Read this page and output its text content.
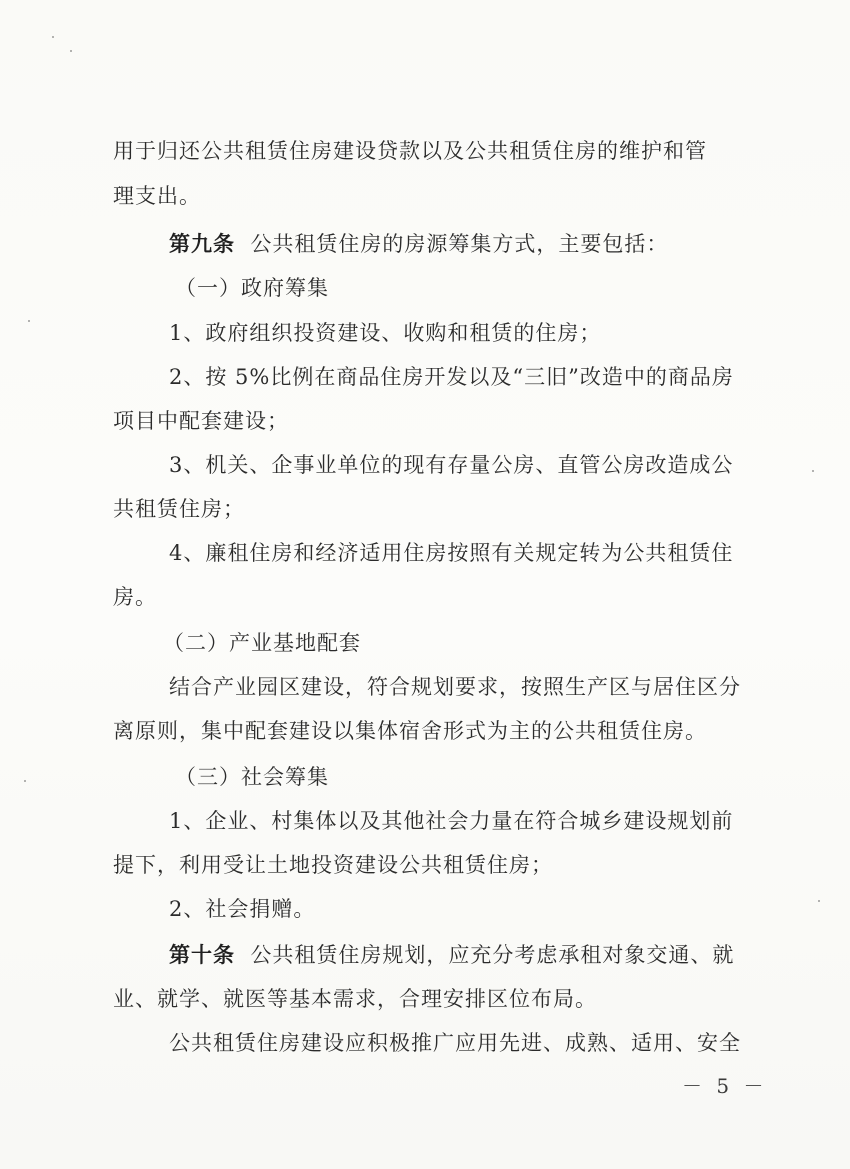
用于归还公共租赁住房建设贷款以及公共租赁住房的维护和管
理支出。
第九条 公共租赁住房的房源筹集方式，主要包括：
（一）政府筹集
1、政府组织投资建设、收购和租赁的住房；
2、按 5%比例在商品住房开发以及“三旧”改造中的商品房
项目中配套建设；
3、机关、企事业单位的现有存量公房、直管公房改造成公
共租赁住房；
4、廉租住房和经济适用住房按照有关规定转为公共租赁住
房。
（二）产业基地配套
结合产业园区建设，符合规划要求，按照生产区与居住区分
离原则，集中配套建设以集体宿舍形式为主的公共租赁住房。
（三）社会筹集
1、企业、村集体以及其他社会力量在符合城乡建设规划前
提下，利用受让土地投资建设公共租赁住房；
2、社会捐赠。
第十条 公共租赁住房规划，应充分考虑承租对象交通、就
业、就学、就医等基本需求，合理安排区位布局。
公共租赁住房建设应积极推广应用先进、成熟、适用、安全
－ 5 －
